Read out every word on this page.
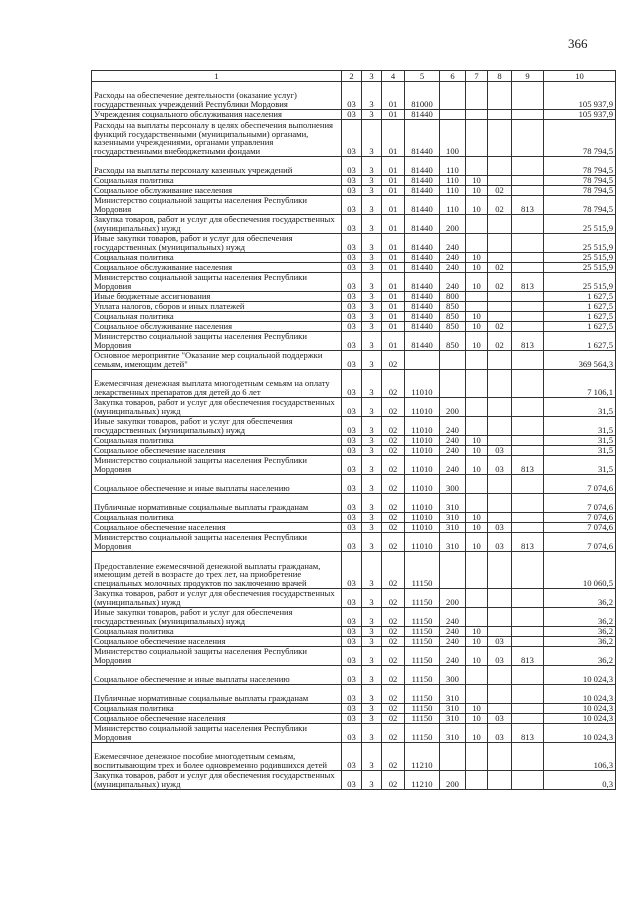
366
1	2	3	4	5	6	7	8	9	10
Расходы на обеспечение деятельности (оказание услуг) государственных учреждений Республики Мордовия	03	3	01	81000					105 937,9
Учреждения социального обслуживания населения	03	3	01	81440					105 937,9
Расходы на выплаты персоналу в целях обеспечения выполнения функций государственными (муниципальными) органами, казенными учреждениями, органами управления государственными внебюджетными фондами	03	3	01	81440	100				78 794,5
Расходы на выплаты персоналу казенных учреждений	03	3	01	81440	110				78 794,5
Социальная политика	03	3	01	81440	110	10			78 794,5
Социальное обслуживание населения	03	3	01	81440	110	10	02		78 794,5
Министерство социальной защиты населения Республики Мордовия	03	3	01	81440	110	10	02	813	78 794,5
Закупка товаров, работ и услуг для обеспечения государственных (муниципальных) нужд	03	3	01	81440	200				25 515,9
Иные закупки товаров, работ и услуг для обеспечения государственных (муниципальных) нужд	03	3	01	81440	240				25 515,9
Социальная политика	03	3	01	81440	240	10			25 515,9
Социальное обслуживание населения	03	3	01	81440	240	10	02		25 515,9
Министерство социальной защиты населения Республики Мордовия	03	3	01	81440	240	10	02	813	25 515,9
Иные бюджетные ассигнования	03	3	01	81440	800				1 627,5
Уплата налогов, сборов и иных платежей	03	3	01	81440	850				1 627,5
Социальная политика	03	3	01	81440	850	10			1 627,5
Социальное обслуживание населения	03	3	01	81440	850	10	02		1 627,5
Министерство социальной защиты населения Республики Мордовия	03	3	01	81440	850	10	02	813	1 627,5
Основное мероприятие "Оказание мер социальной поддержки семьям, имеющим детей"	03	3	02						369 564,3
Ежемесячная денежная выплата многодетным семьям на оплату лекарственных препаратов для детей до 6 лет	03	3	02	11010					7 106,1
Закупка товаров, работ и услуг для обеспечения государственных (муниципальных) нужд	03	3	02	11010	200				31,5
Иные закупки товаров, работ и услуг для обеспечения государственных (муниципальных) нужд	03	3	02	11010	240				31,5
Социальная политика	03	3	02	11010	240	10			31,5
Социальное обеспечение населения	03	3	02	11010	240	10	03		31,5
Министерство социальной защиты населения Республики Мордовия	03	3	02	11010	240	10	03	813	31,5
Социальное обеспечение и иные выплаты населению	03	3	02	11010	300				7 074,6
Публичные нормативные социальные выплаты гражданам	03	3	02	11010	310				7 074,6
Социальная политика	03	3	02	11010	310	10			7 074,6
Социальное обеспечение населения	03	3	02	11010	310	10	03		7 074,6
Министерство социальной защиты населения Республики Мордовия	03	3	02	11010	310	10	03	813	7 074,6
Предоставление ежемесячной денежной выплаты гражданам, имеющим детей в возрасте до трех лет, на приобретение специальных молочных продуктов по заключению врачей	03	3	02	11150					10 060,5
Закупка товаров, работ и услуг для обеспечения государственных (муниципальных) нужд	03	3	02	11150	200				36,2
Иные закупки товаров, работ и услуг для обеспечения государственных (муниципальных) нужд	03	3	02	11150	240				36,2
Социальная политика	03	3	02	11150	240	10			36,2
Социальное обеспечение населения	03	3	02	11150	240	10	03		36,2
Министерство социальной защиты населения Республики Мордовия	03	3	02	11150	240	10	03	813	36,2
Социальное обеспечение и иные выплаты населению	03	3	02	11150	300				10 024,3
Публичные нормативные социальные выплаты гражданам	03	3	02	11150	310				10 024,3
Социальная политика	03	3	02	11150	310	10			10 024,3
Социальное обеспечение населения	03	3	02	11150	310	10	03		10 024,3
Министерство социальной защиты населения Республики Мордовия	03	3	02	11150	310	10	03	813	10 024,3
Ежемесячное денежное пособие многодетным семьям, воспитывающим трех и более одновременно родившихся детей	03	3	02	11210					106,3
Закупка товаров, работ и услуг для обеспечения государственных (муниципальных) нужд	03	3	02	11210	200				0,3
